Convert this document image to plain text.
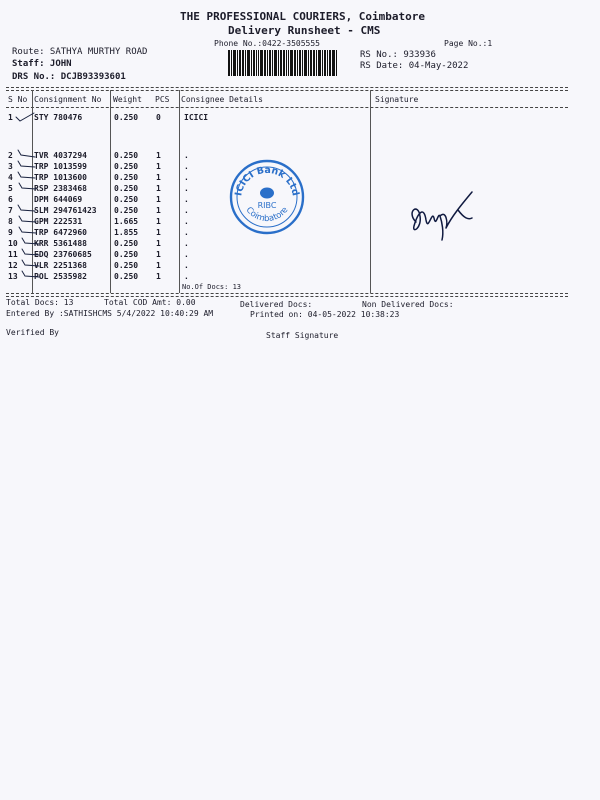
THE PROFESSIONAL COURIERS, Coimbatore
Delivery Runsheet - CMS
Phone No.:0422-3505555	Page No.:1
Route: SATHYA MURTHY ROAD
Staff: JOHN
DRS No.: DCJB93393601
RS No.: 933936
RS Date: 04-May-2022
S No Consignment No Weight PCS Consignee Details	Signature
1	STY 780476	0.250 0	ICICI
2	TVR 4037294	0.250 1	.
3	TRP 1013599	0.250 1	.
4	TRP 1013600	0.250 1	.
5	RSP 2383468	0.250 1	.
6	DPM 644069	0.250 1	.
7	SLM 294761423 0.250 1	.
8	GPM 222531	1.665 1	.
9	TRP 6472960	1.855 1	.
10 KRR 5361488	0.250 1	.
11 EDQ 23760685	0.250 1	.
12 VLR 2251368	0.250 1	.
13 POL 2535982	0.250 1	.
No.Of Docs: 13
ICICI Bank Ltd
RIBC
Coimbatore
Total Docs: 13	Total COD Amt: 0.00	Delivered Docs:	Non Delivered Docs:
Entered By :SATHISHCMS 5/4/2022 10:40:29 AM	Printed on: 04-05-2022 10:38:23
Verified By	Staff Signature
